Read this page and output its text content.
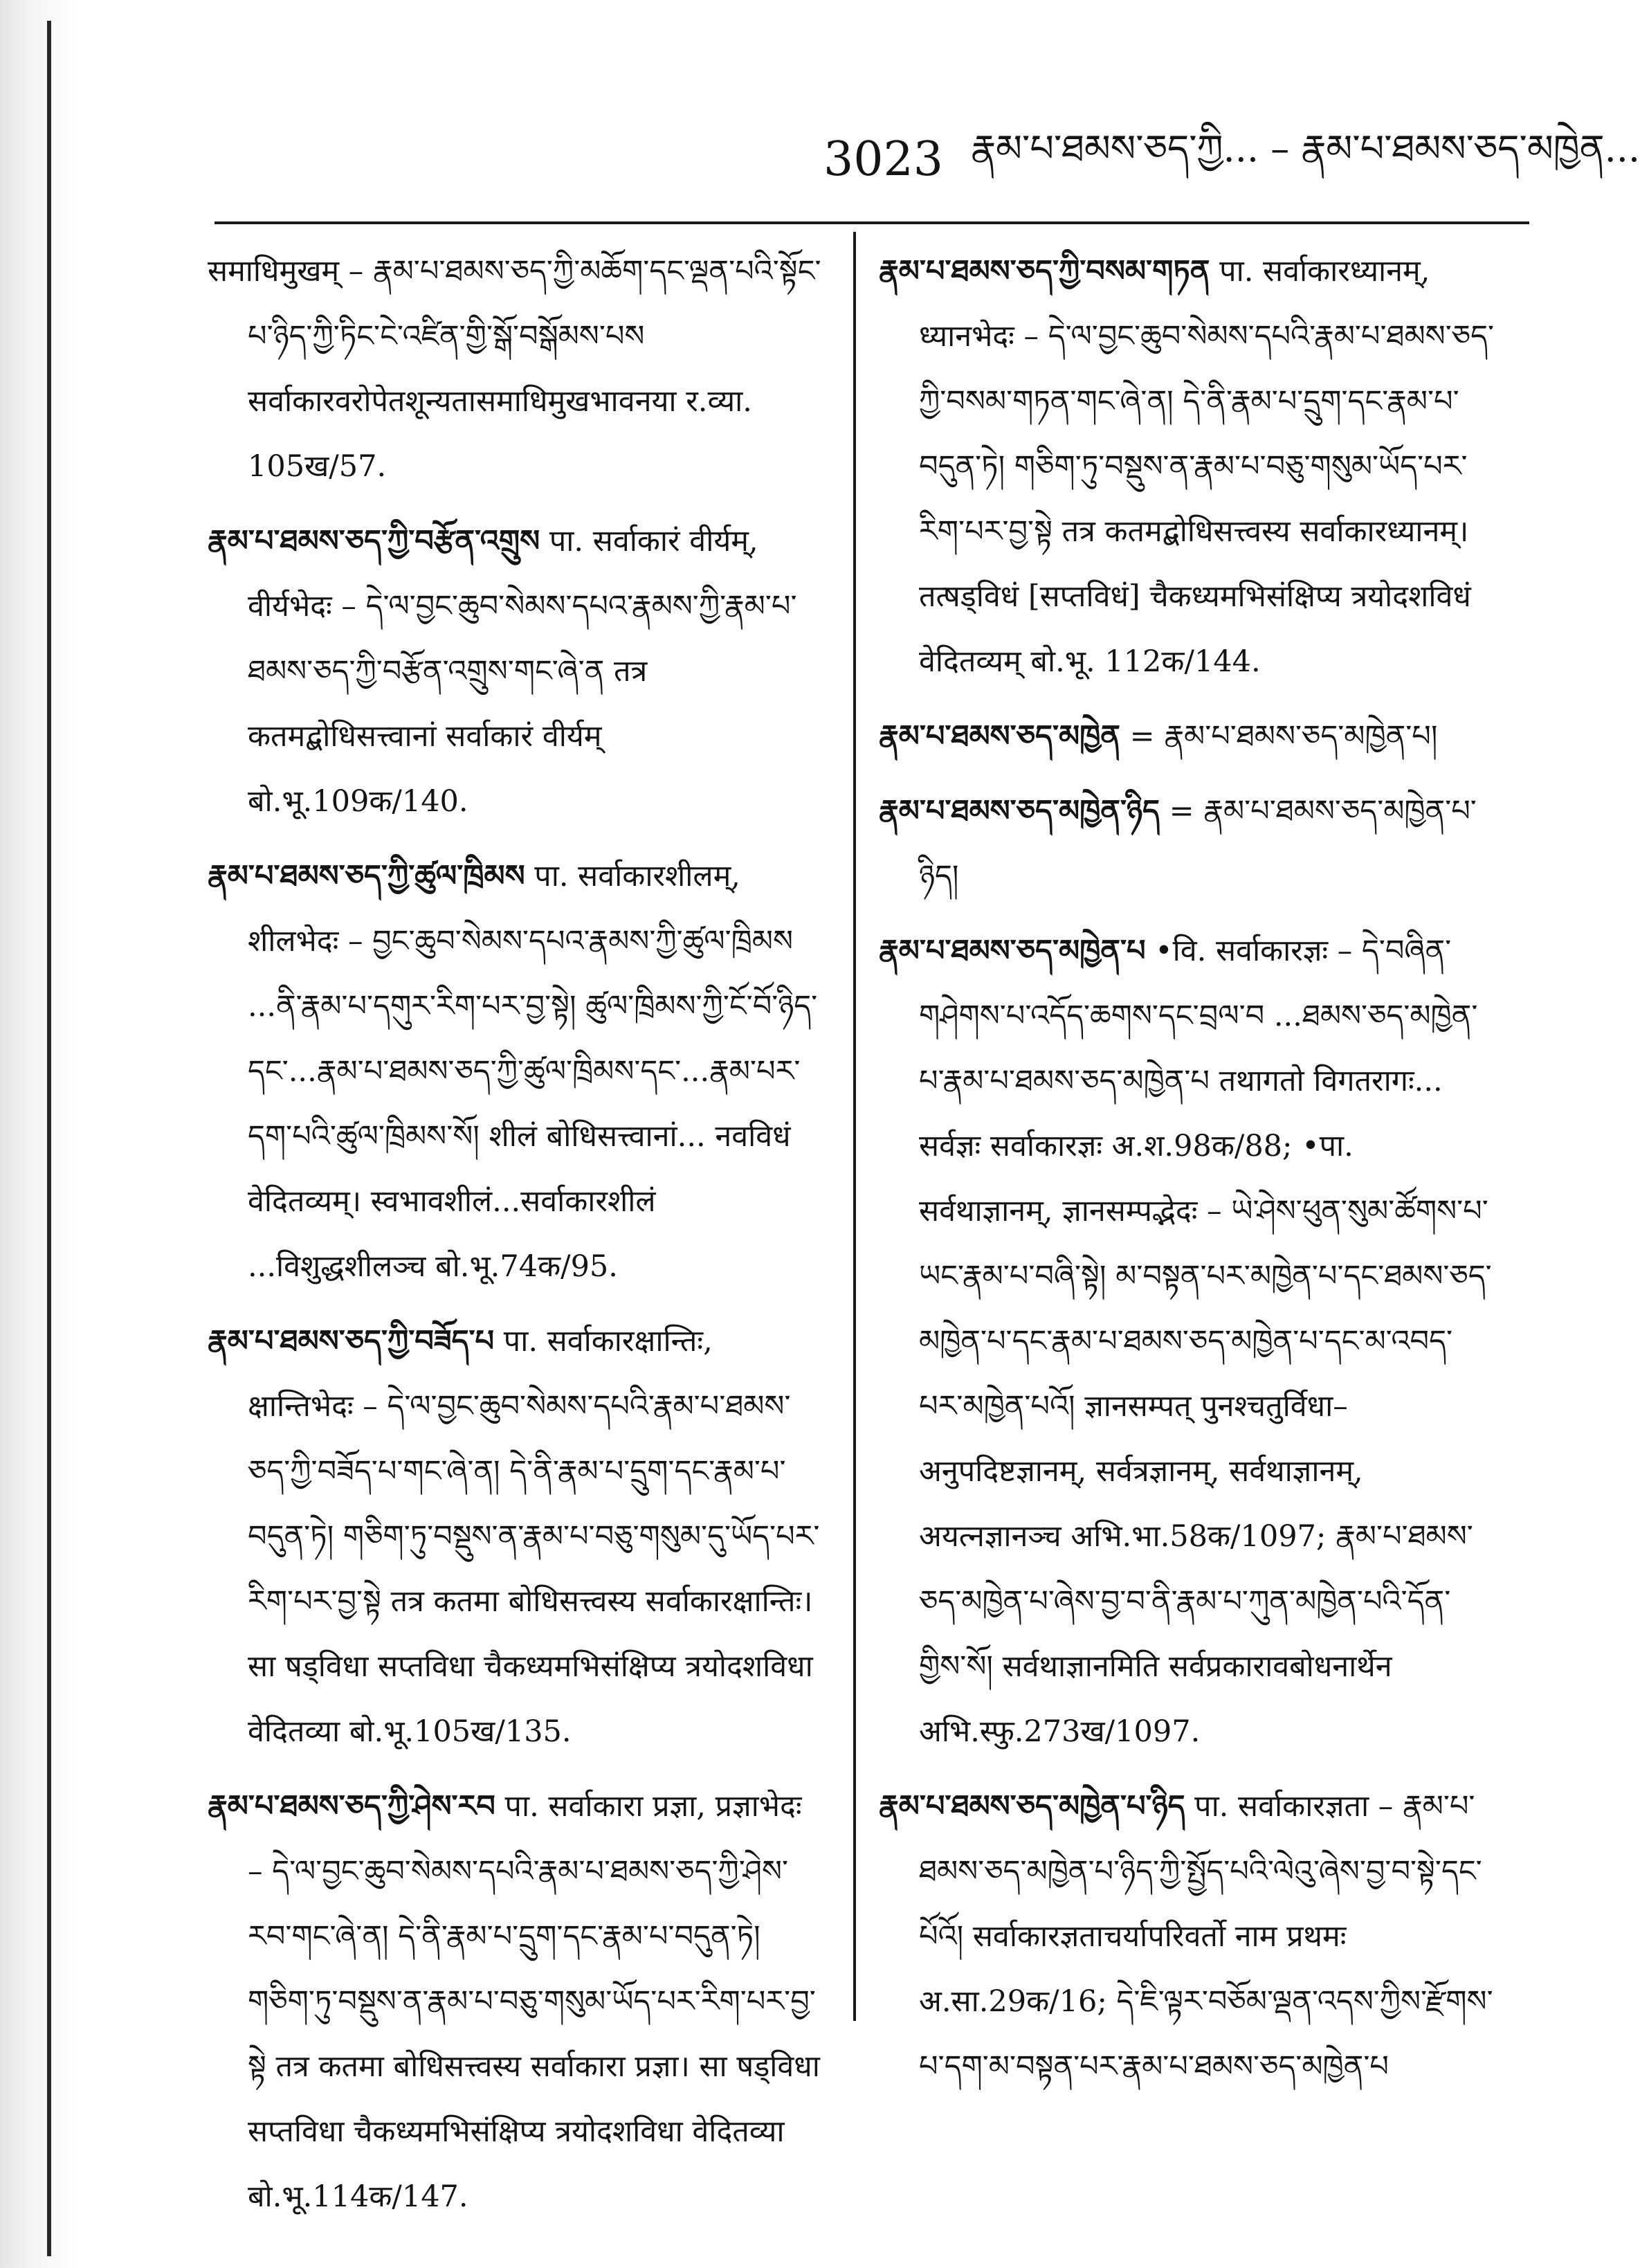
3023 རྣམ་པ་ཐམས་ཅད་ཀྱི... – རྣམ་པ་ཐམས་ཅད་མཁྱེན...

समाधिमुखम् – རྣམ་པ་ཐམས་ཅད་ཀྱི་མཆོག་དང་ལྡན་པའི་སྟོང་པ་ཉིད་ཀྱི་ཏིང་ངེ་འཛིན་གྱི་སྒོ་བསྒོམས་པས सर्वाकारवरोपेतशून्यतासमाधिमुखभावनया र.व्या. 105ख/57.

རྣམ་པ་ཐམས་ཅད་ཀྱི་བརྩོན་འགྲུས पा. सर्वाकारं वीर्यम्, वीर्यभेदः – དེ་ལ་བྱང་ཆུབ་སེམས་དཔའ་རྣམས་ཀྱི་རྣམ་པ་ཐམས་ཅད་ཀྱི་བརྩོན་འགྲུས་གང་ཞེ་ན तत्र कतमद्बोधिसत्त्वानां सर्वाकारं वीर्यम् बो.भू.109क/140.

རྣམ་པ་ཐམས་ཅད་ཀྱི་ཚུལ་ཁྲིམས पा. सर्वाकारशीलम्, शीलभेदः – བྱང་ཆུབ་སེམས་དཔའ་རྣམས་ཀྱི་ཚུལ་ཁྲིམས ...ནི་རྣམ་པ་དགུར་རིག་པར་བྱ་སྟེ། ཚུལ་ཁྲིམས་ཀྱི་ངོ་བོ་ཉིད་དང་...རྣམ་པ་ཐམས་ཅད་ཀྱི་ཚུལ་ཁྲིམས་དང་...རྣམ་པར་དག་པའི་ཚུལ་ཁྲིམས་སོ། शीलं बोधिसत्त्वानां... नवविधं वेदितव्यम्। स्वभावशीलं...सर्वाकारशीलं ...विशुद्धशीलञ्च बो.भू.74क/95.

རྣམ་པ་ཐམས་ཅད་ཀྱི་བཟོད་པ पा. सर्वाकारक्षान्तिः, क्षान्तिभेदः – དེ་ལ་བྱང་ཆུབ་སེམས་དཔའི་རྣམ་པ་ཐམས་ཅད་ཀྱི་བཟོད་པ་གང་ཞེ་ན། དེ་ནི་རྣམ་པ་དྲུག་དང་རྣམ་པ་བདུན་ཏེ། གཅིག་ཏུ་བསྡུས་ན་རྣམ་པ་བཅུ་གསུམ་དུ་ཡོད་པར་རིག་པར་བྱ་སྟེ तत्र कतमा बोधिसत्त्वस्य सर्वाकारक्षान्तिः। सा षड्विधा सप्तविधा चैकध्यमभिसंक्षिप्य त्रयोदशविधा वेदितव्या बो.भू.105ख/135.

རྣམ་པ་ཐམས་ཅད་ཀྱི་ཤེས་རབ पा. सर्वाकारा प्रज्ञा, प्रज्ञाभेदः – དེ་ལ་བྱང་ཆུབ་སེམས་དཔའི་རྣམ་པ་ཐམས་ཅད་ཀྱི་ཤེས་རབ་གང་ཞེ་ན། དེ་ནི་རྣམ་པ་དྲུག་དང་རྣམ་པ་བདུན་ཏེ། གཅིག་ཏུ་བསྡུས་ན་རྣམ་པ་བཅུ་གསུམ་ཡོད་པར་རིག་པར་བྱ་སྟེ तत्र कतमा बोधिसत्त्वस्य सर्वाकारा प्रज्ञा। सा षड्विधा सप्तविधा चैकध्यमभिसंक्षिप्य त्रयोदशविधा वेदितव्या बो.भू.114क/147.

རྣམ་པ་ཐམས་ཅད་ཀྱི་བསམ་གཏན पा. सर्वाकारध्यानम्, ध्यानभेदः – དེ་ལ་བྱང་ཆུབ་སེམས་དཔའི་རྣམ་པ་ཐམས་ཅད་ཀྱི་བསམ་གཏན་གང་ཞེ་ན། དེ་ནི་རྣམ་པ་དྲུག་དང་རྣམ་པ་བདུན་ཏེ། གཅིག་ཏུ་བསྡུས་ན་རྣམ་པ་བཅུ་གསུམ་ཡོད་པར་རིག་པར་བྱ་སྟེ तत्र कतमद्बोधिसत्त्वस्य सर्वाकारध्यानम्। तत्षड्विधं [सप्तविधं] चैकध्यमभिसंक्षिप्य त्रयोदशविधं वेदितव्यम् बो.भू. 112क/144.

རྣམ་པ་ཐམས་ཅད་མཁྱེན = རྣམ་པ་ཐམས་ཅད་མཁྱེན་པ།

རྣམ་པ་ཐམས་ཅད་མཁྱེན་ཉིད = རྣམ་པ་ཐམས་ཅད་མཁྱེན་པ་ཉིད།

རྣམ་པ་ཐམས་ཅད་མཁྱེན་པ •वि. सर्वाकारज्ञः – དེ་བཞིན་གཤེགས་པ་འདོད་ཆགས་དང་བྲལ་བ ...ཐམས་ཅད་མཁྱེན་པ་རྣམ་པ་ཐམས་ཅད་མཁྱེན་པ तथागतो विगतरागः... सर्वज्ञः सर्वाकारज्ञः अ.श.98क/88; •पा. सर्वथाज्ञानम्, ज्ञानसम्पद्भेदः – ཡེ་ཤེས་ཕུན་སུམ་ཚོགས་པ་ཡང་རྣམ་པ་བཞི་སྟེ། མ་བསྟན་པར་མཁྱེན་པ་དང་ཐམས་ཅད་མཁྱེན་པ་དང་རྣམ་པ་ཐམས་ཅད་མཁྱེན་པ་དང་མ་འབད་པར་མཁྱེན་པའོ། ज्ञानसम्पत् पुनश्चतुर्विधा–अनुपदिष्टज्ञानम्, सर्वत्रज्ञानम्, सर्वथाज्ञानम्, अयत्नज्ञानञ्च अभि.भा.58क/1097; རྣམ་པ་ཐམས་ཅད་མཁྱེན་པ་ཞེས་བྱ་བ་ནི་རྣམ་པ་ཀུན་མཁྱེན་པའི་དོན་གྱིས་སོ། सर्वथाज्ञानमिति सर्वप्रकारावबोधनार्थेन अभि.स्फु.273ख/1097.

རྣམ་པ་ཐམས་ཅད་མཁྱེན་པ་ཉིད पा. सर्वाकारज्ञता – རྣམ་པ་ཐམས་ཅད་མཁྱེན་པ་ཉིད་ཀྱི་སྤྱོད་པའི་ལེའུ་ཞེས་བྱ་བ་སྟེ་དང་པོའོ། सर्वाकारज्ञताचर्यापरिवर्तो नाम प्रथमः अ.सा.29क/16; དེ་ཇི་ལྟར་བཅོམ་ལྡན་འདས་ཀྱིས་རྫོགས་པ་དག་མ་བསྟན་པར་རྣམ་པ་ཐམས་ཅད་མཁྱེན་པ
